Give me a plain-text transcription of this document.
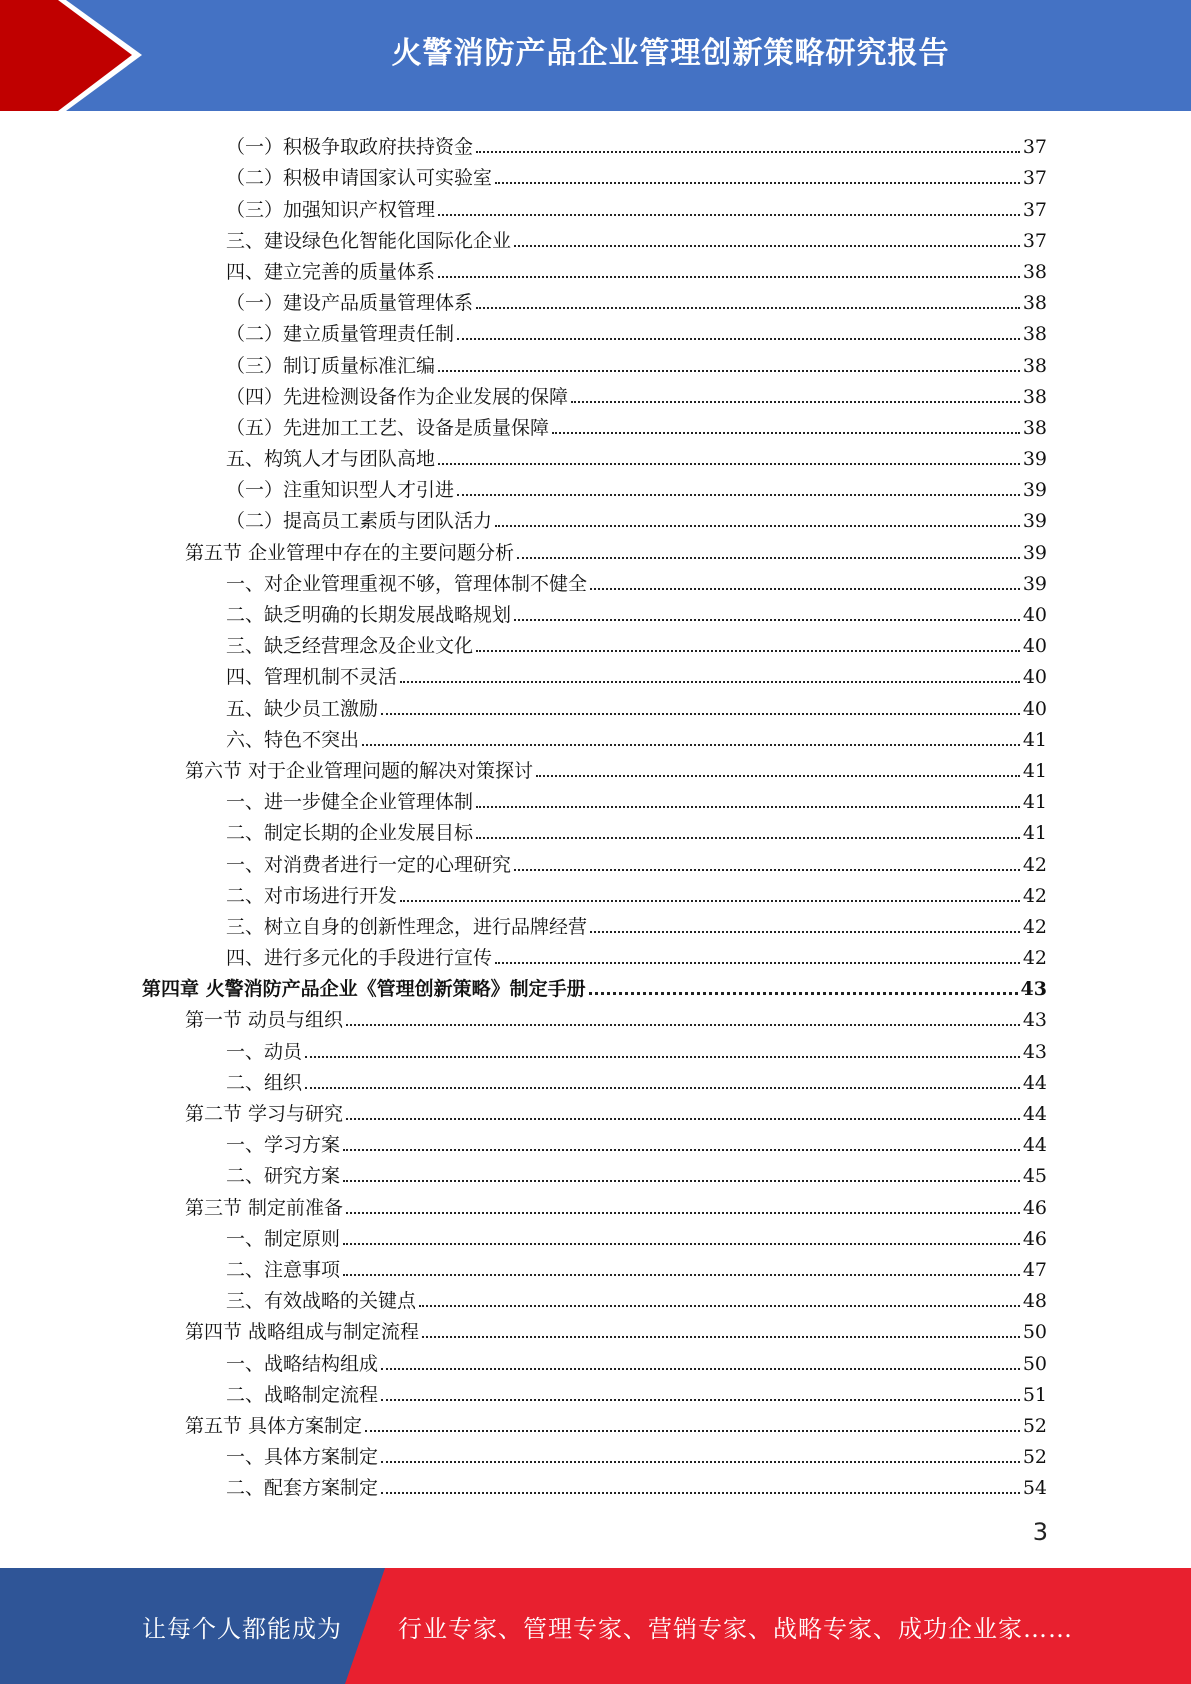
火警消防产品企业管理创新策略研究报告
（一）积极争取政府扶持资金	37
（二）积极申请国家认可实验室	37
（三）加强知识产权管理	37
三、建设绿色化智能化国际化企业	37
四、建立完善的质量体系	38
（一）建设产品质量管理体系	38
（二）建立质量管理责任制	38
（三）制订质量标准汇编	38
（四）先进检测设备作为企业发展的保障	38
（五）先进加工工艺、设备是质量保障	38
五、构筑人才与团队高地	39
（一）注重知识型人才引进	39
（二）提高员工素质与团队活力	39
第五节 企业管理中存在的主要问题分析	39
一、对企业管理重视不够，管理体制不健全	39
二、缺乏明确的长期发展战略规划	40
三、缺乏经营理念及企业文化	40
四、管理机制不灵活	40
五、缺少员工激励	40
六、特色不突出	41
第六节 对于企业管理问题的解决对策探讨	41
一、进一步健全企业管理体制	41
二、制定长期的企业发展目标	41
一、对消费者进行一定的心理研究	42
二、对市场进行开发	42
三、树立自身的创新性理念，进行品牌经营	42
四、进行多元化的手段进行宣传	42
第四章 火警消防产品企业《管理创新策略》制定手册	43
第一节 动员与组织	43
一、动员	43
二、组织	44
第二节 学习与研究	44
一、学习方案	44
二、研究方案	45
第三节 制定前准备	46
一、制定原则	46
二、注意事项	47
三、有效战略的关键点	48
第四节 战略组成与制定流程	50
一、战略结构组成	50
二、战略制定流程	51
第五节 具体方案制定	52
一、具体方案制定	52
二、配套方案制定	54
3
让每个人都能成为 行业专家、管理专家、营销专家、战略专家、成功企业家……
